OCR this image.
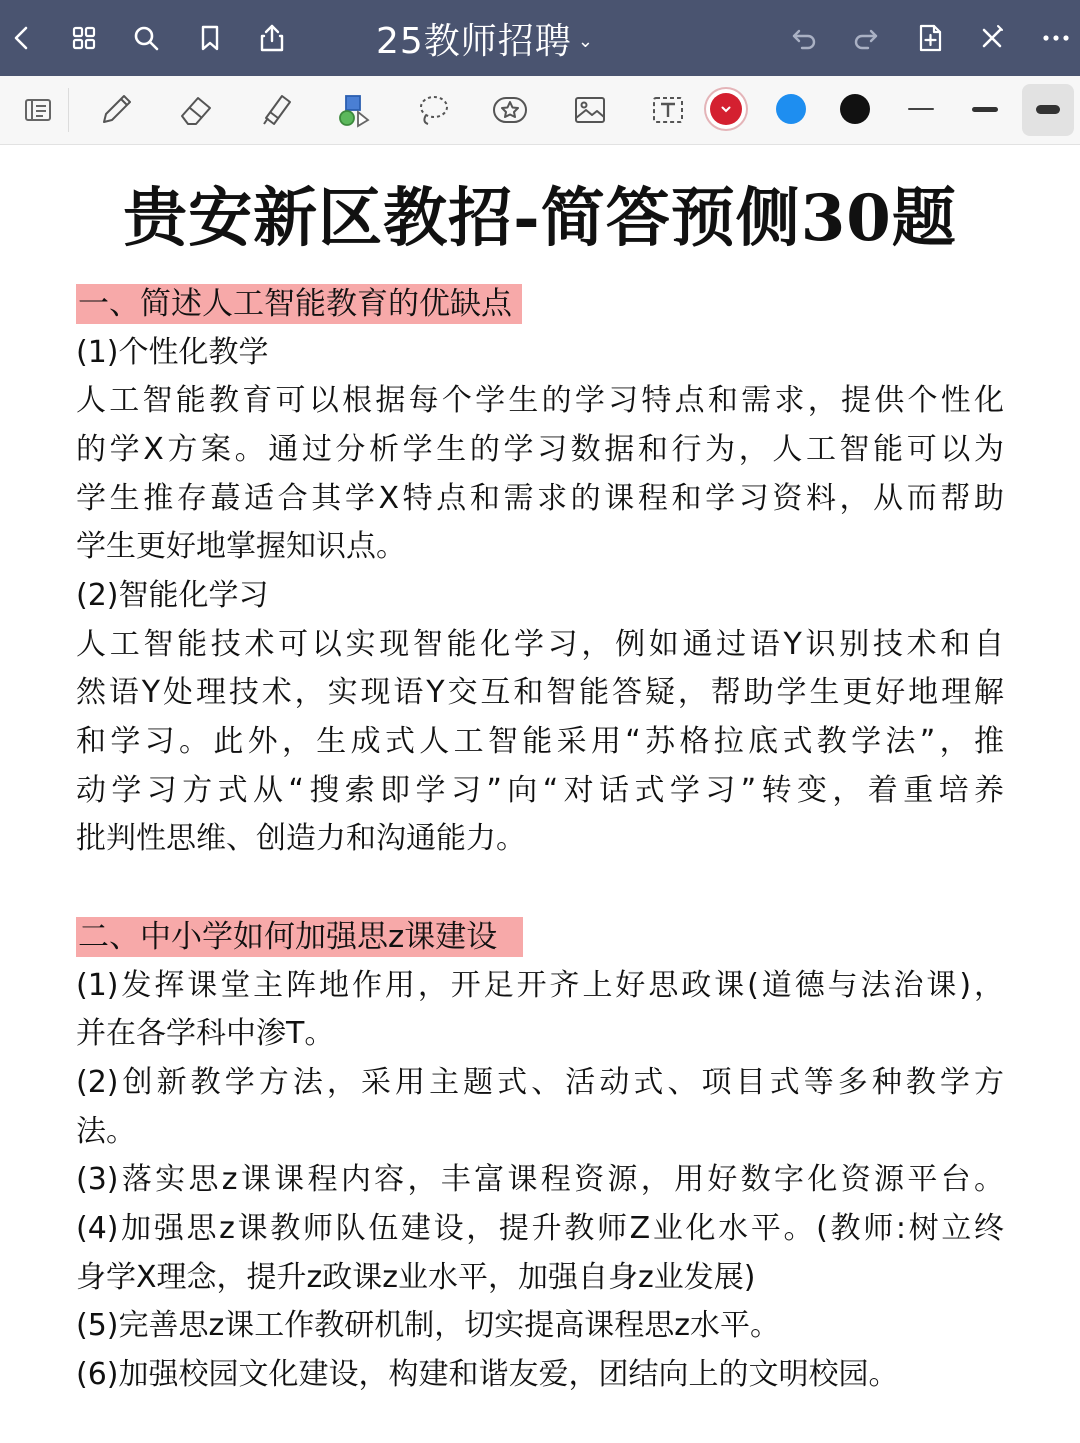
25教师招聘 ⌄
贵安新区教招-简答预侧30题
一、简述人工智能教育的优缺点
(1)个性化教学
人工智能教育可以根据每个学生的学习特点和需求，提供个性化
的学X方案。通过分析学生的学习数据和行为，人工智能可以为
学生推存蕞适合其学X特点和需求的课程和学习资料，从而帮助
学生更好地掌握知识点。
(2)智能化学习
人工智能技术可以实现智能化学习，例如通过语Y识别技术和自
然语Y处理技术，实现语Y交互和智能答疑，帮助学生更好地理解
和学习。此外，生成式人工智能采用“苏格拉底式教学法”，推
动学习方式从“搜索即学习”向“对话式学习”转变，着重培养
批判性思维、创造力和沟通能力。
二、中小学如何加强思z课建设
(1)发挥课堂主阵地作用，开足开齐上好思政课(道德与法治课)，
并在各学科中渗T。
(2)创新教学方法，采用主题式、活动式、项目式等多种教学方
法。
(3)落实思z课课程内容，丰富课程资源，用好数字化资源平台。
(4)加强思z课教师队伍建设，提升教师Z业化水平。(教师:树立终
身学X理念，提升z政课z业水平，加强自身z业发展)
(5)完善思z课工作教研机制，切实提高课程思z水平。
(6)加强校园文化建设，构建和谐友爱，团结向上的文明校园。
